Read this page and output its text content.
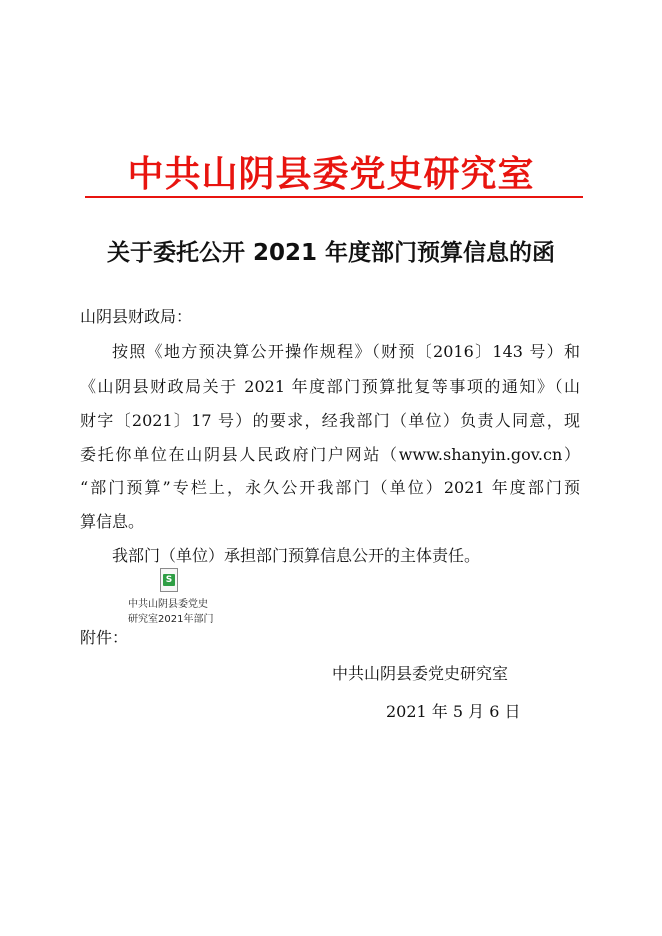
中共山阴县委党史研究室
关于委托公开 2021 年度部门预算信息的函
山阴县财政局：
按照《地方预决算公开操作规程》（财预〔2016〕143 号）和
《山阴县财政局关于 2021 年度部门预算批复等事项的通知》（山
财字〔2021〕17 号）的要求，经我部门（单位）负责人同意，现
委托你单位在山阴县人民政府门户网站（www.shanyin.gov.cn）
“部门预算”专栏上，永久公开我部门（单位）2021 年度部门预
算信息。
我部门（单位）承担部门预算信息公开的主体责任。
S
中共山阴县委党史
研究室2021年部门
附件：
中共山阴县委党史研究室
2021 年 5 月 6 日
